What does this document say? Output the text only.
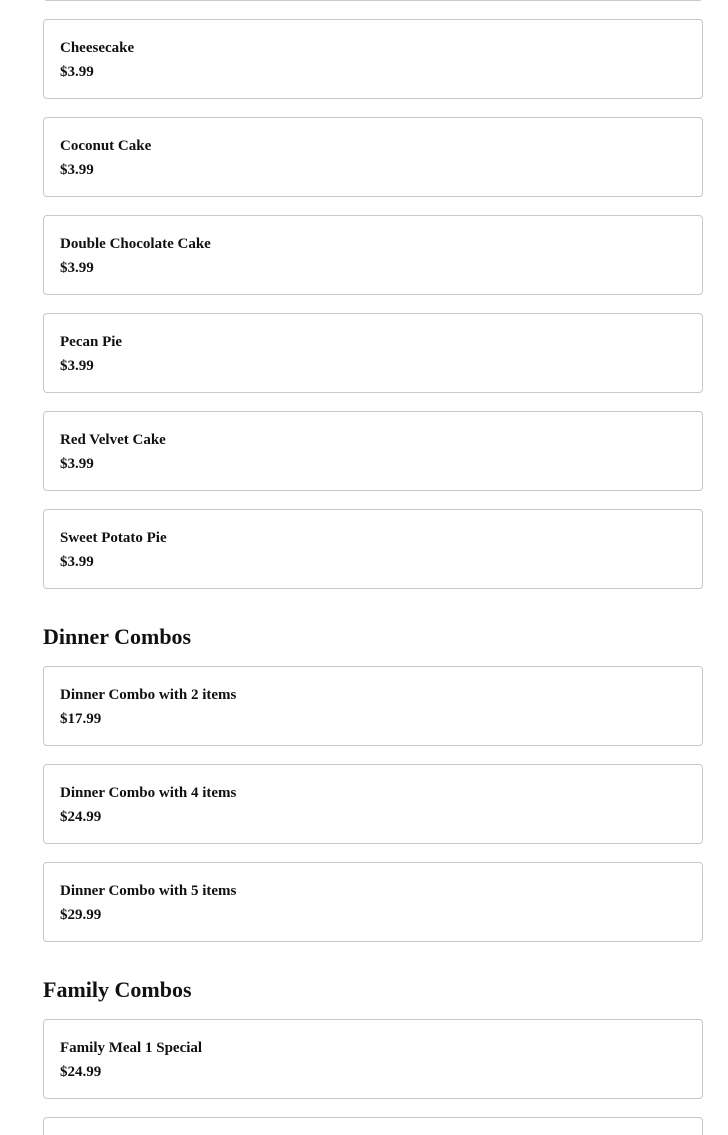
Cheesecake
$3.99
Coconut Cake
$3.99
Double Chocolate Cake
$3.99
Pecan Pie
$3.99
Red Velvet Cake
$3.99
Sweet Potato Pie
$3.99
Dinner Combos
Dinner Combo with 2 items
$17.99
Dinner Combo with 4 items
$24.99
Dinner Combo with 5 items
$29.99
Family Combos
Family Meal 1 Special
$24.99
